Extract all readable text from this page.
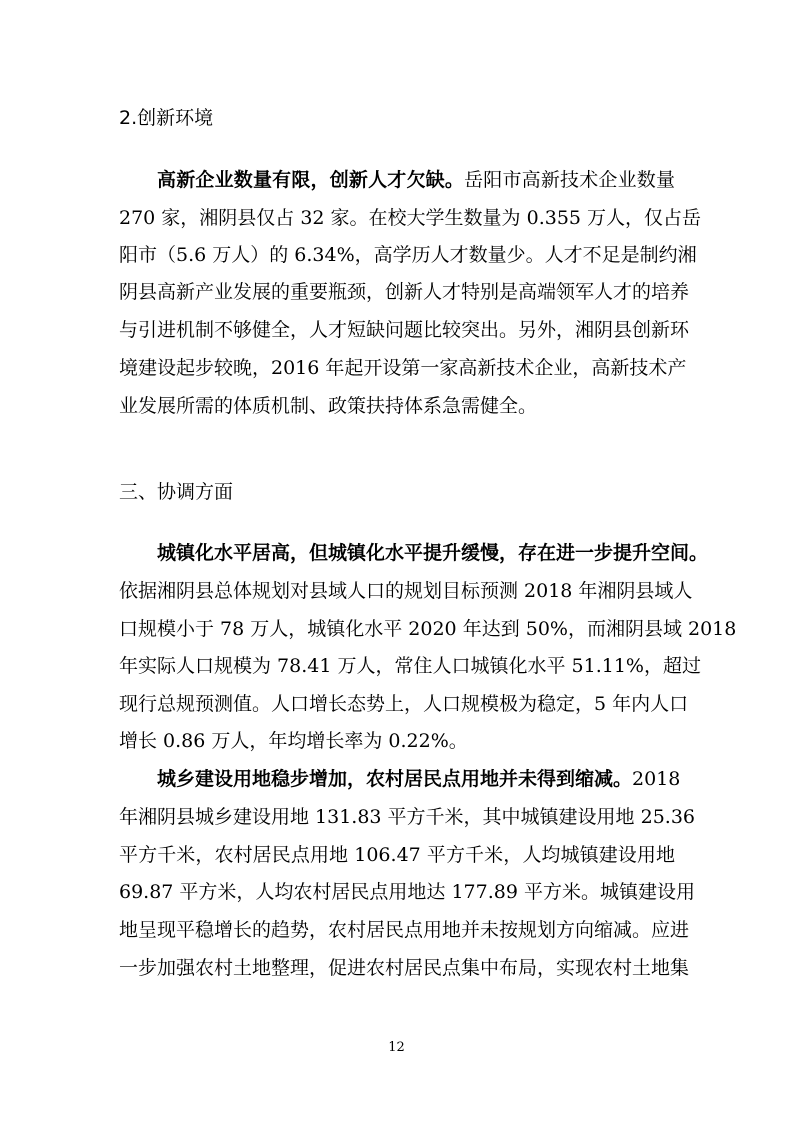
2.创新环境
高新企业数量有限，创新人才欠缺。岳阳市高新技术企业数量
270 家，湘阴县仅占 32 家。在校大学生数量为 0.355 万人，仅占岳
阳市（5.6 万人）的 6.34%，高学历人才数量少。人才不足是制约湘
阴县高新产业发展的重要瓶颈，创新人才特别是高端领军人才的培养
与引进机制不够健全，人才短缺问题比较突出。另外，湘阴县创新环
境建设起步较晚，2016 年起开设第一家高新技术企业，高新技术产
业发展所需的体质机制、政策扶持体系急需健全。
三、协调方面
城镇化水平居高，但城镇化水平提升缓慢，存在进一步提升空间。
依据湘阴县总体规划对县域人口的规划目标预测 2018 年湘阴县域人
口规模小于 78 万人，城镇化水平 2020 年达到 50%，而湘阴县域 2018
年实际人口规模为 78.41 万人，常住人口城镇化水平 51.11%，超过
现行总规预测值。人口增长态势上，人口规模极为稳定，5 年内人口
增长 0.86 万人，年均增长率为 0.22%。
城乡建设用地稳步增加，农村居民点用地并未得到缩减。2018
年湘阴县城乡建设用地 131.83 平方千米，其中城镇建设用地 25.36
平方千米，农村居民点用地 106.47 平方千米，人均城镇建设用地
69.87 平方米，人均农村居民点用地达 177.89 平方米。城镇建设用
地呈现平稳增长的趋势，农村居民点用地并未按规划方向缩减。应进
一步加强农村土地整理，促进农村居民点集中布局，实现农村土地集
12
